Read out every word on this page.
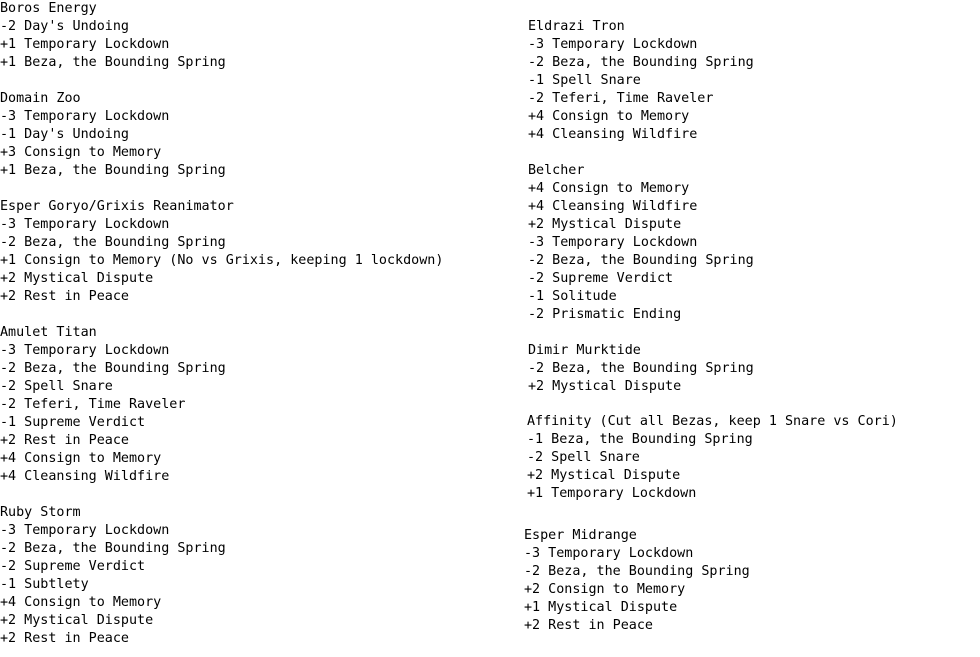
Boros Energy
-2 Day's Undoing
+1 Temporary Lockdown
+1 Beza, the Bounding Spring
Domain Zoo
-3 Temporary Lockdown
-1 Day's Undoing
+3 Consign to Memory
+1 Beza, the Bounding Spring
Esper Goryo/Grixis Reanimator
-3 Temporary Lockdown
-2 Beza, the Bounding Spring
+1 Consign to Memory (No vs Grixis, keeping 1 lockdown)
+2 Mystical Dispute
+2 Rest in Peace
Amulet Titan
-3 Temporary Lockdown
-2 Beza, the Bounding Spring
-2 Spell Snare
-2 Teferi, Time Raveler
-1 Supreme Verdict
+2 Rest in Peace
+4 Consign to Memory
+4 Cleansing Wildfire
Ruby Storm
-3 Temporary Lockdown
-2 Beza, the Bounding Spring
-2 Supreme Verdict
-1 Subtlety
+4 Consign to Memory
+2 Mystical Dispute
+2 Rest in Peace
Eldrazi Tron
-3 Temporary Lockdown
-2 Beza, the Bounding Spring
-1 Spell Snare
-2 Teferi, Time Raveler
+4 Consign to Memory
+4 Cleansing Wildfire
Belcher
+4 Consign to Memory
+4 Cleansing Wildfire
+2 Mystical Dispute
-3 Temporary Lockdown
-2 Beza, the Bounding Spring
-2 Supreme Verdict
-1 Solitude
-2 Prismatic Ending
Dimir Murktide
-2 Beza, the Bounding Spring
+2 Mystical Dispute
Affinity (Cut all Bezas, keep 1 Snare vs Cori)
-1 Beza, the Bounding Spring
-2 Spell Snare
+2 Mystical Dispute
+1 Temporary Lockdown
Esper Midrange
-3 Temporary Lockdown
-2 Beza, the Bounding Spring
+2 Consign to Memory
+1 Mystical Dispute
+2 Rest in Peace
